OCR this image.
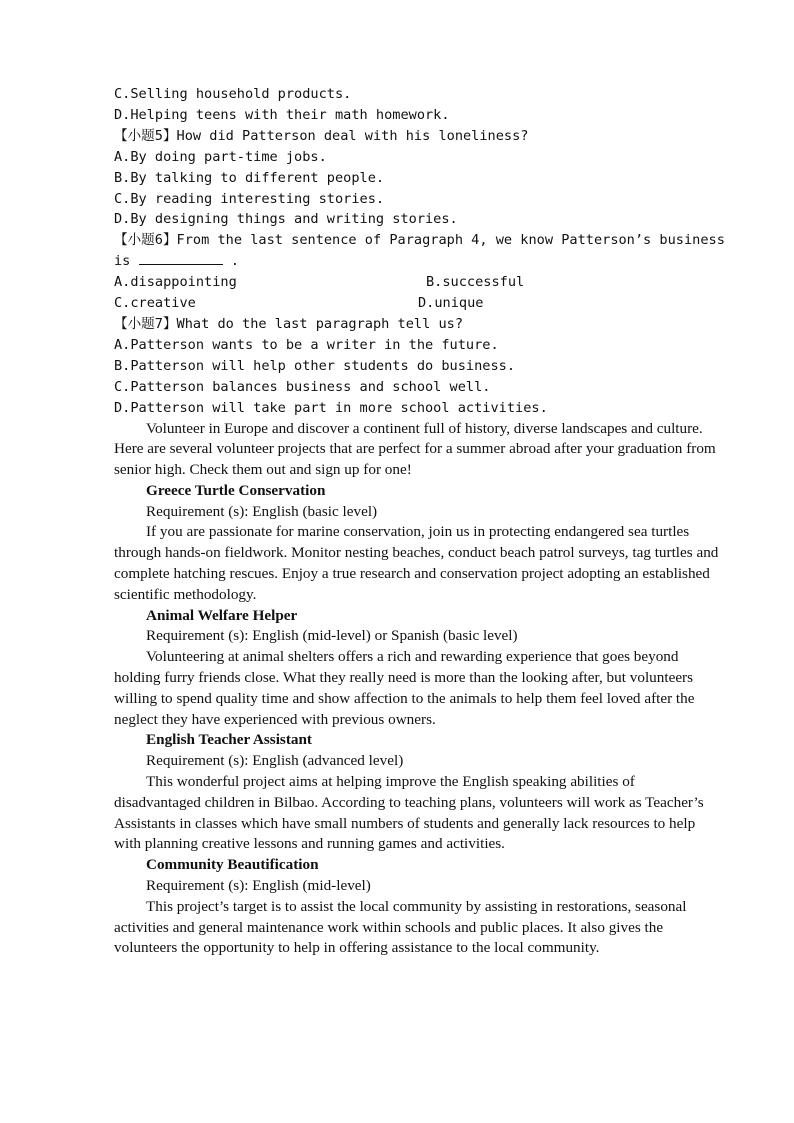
C.Selling household products.
D.Helping teens with their math homework.
【小题5】How did Patterson deal with his loneliness?
A.By doing part-time jobs.
B.By talking to different people.
C.By reading interesting stories.
D.By designing things and writing stories.
【小题6】From the last sentence of Paragraph 4, we know Patterson’s business
is	.
A.disappointing	B.successful
C.creative	D.unique
【小题7】What do the last paragraph tell us?
A.Patterson wants to be a writer in the future.
B.Patterson will help other students do business.
C.Patterson balances business and school well.
D.Patterson will take part in more school activities.

Volunteer in Europe and discover a continent full of history, diverse landscapes and culture. Here are several volunteer projects that are perfect for a summer abroad after your graduation from senior high. Check them out and sign up for one!

Greece Turtle Conservation
Requirement (s): English (basic level)

If you are passionate for marine conservation, join us in protecting endangered sea turtles through hands-on fieldwork. Monitor nesting beaches, conduct beach patrol surveys, tag turtles and complete hatching rescues. Enjoy a true research and conservation project adopting an established scientific methodology.

Animal Welfare Helper
Requirement (s): English (mid-level) or Spanish (basic level)

Volunteering at animal shelters offers a rich and rewarding experience that goes beyond holding furry friends close. What they really need is more than the looking after, but volunteers willing to spend quality time and show affection to the animals to help them feel loved after the neglect they have experienced with previous owners.

English Teacher Assistant
Requirement (s): English (advanced level)

This wonderful project aims at helping improve the English speaking abilities of disadvantaged children in Bilbao. According to teaching plans, volunteers will work as Teacher’s Assistants in classes which have small numbers of students and generally lack resources to help with planning creative lessons and running games and activities.

Community Beautification
Requirement (s): English (mid-level)

This project’s target is to assist the local community by assisting in restorations, seasonal activities and general maintenance work within schools and public places. It also gives the volunteers the opportunity to help in offering assistance to the local community.
